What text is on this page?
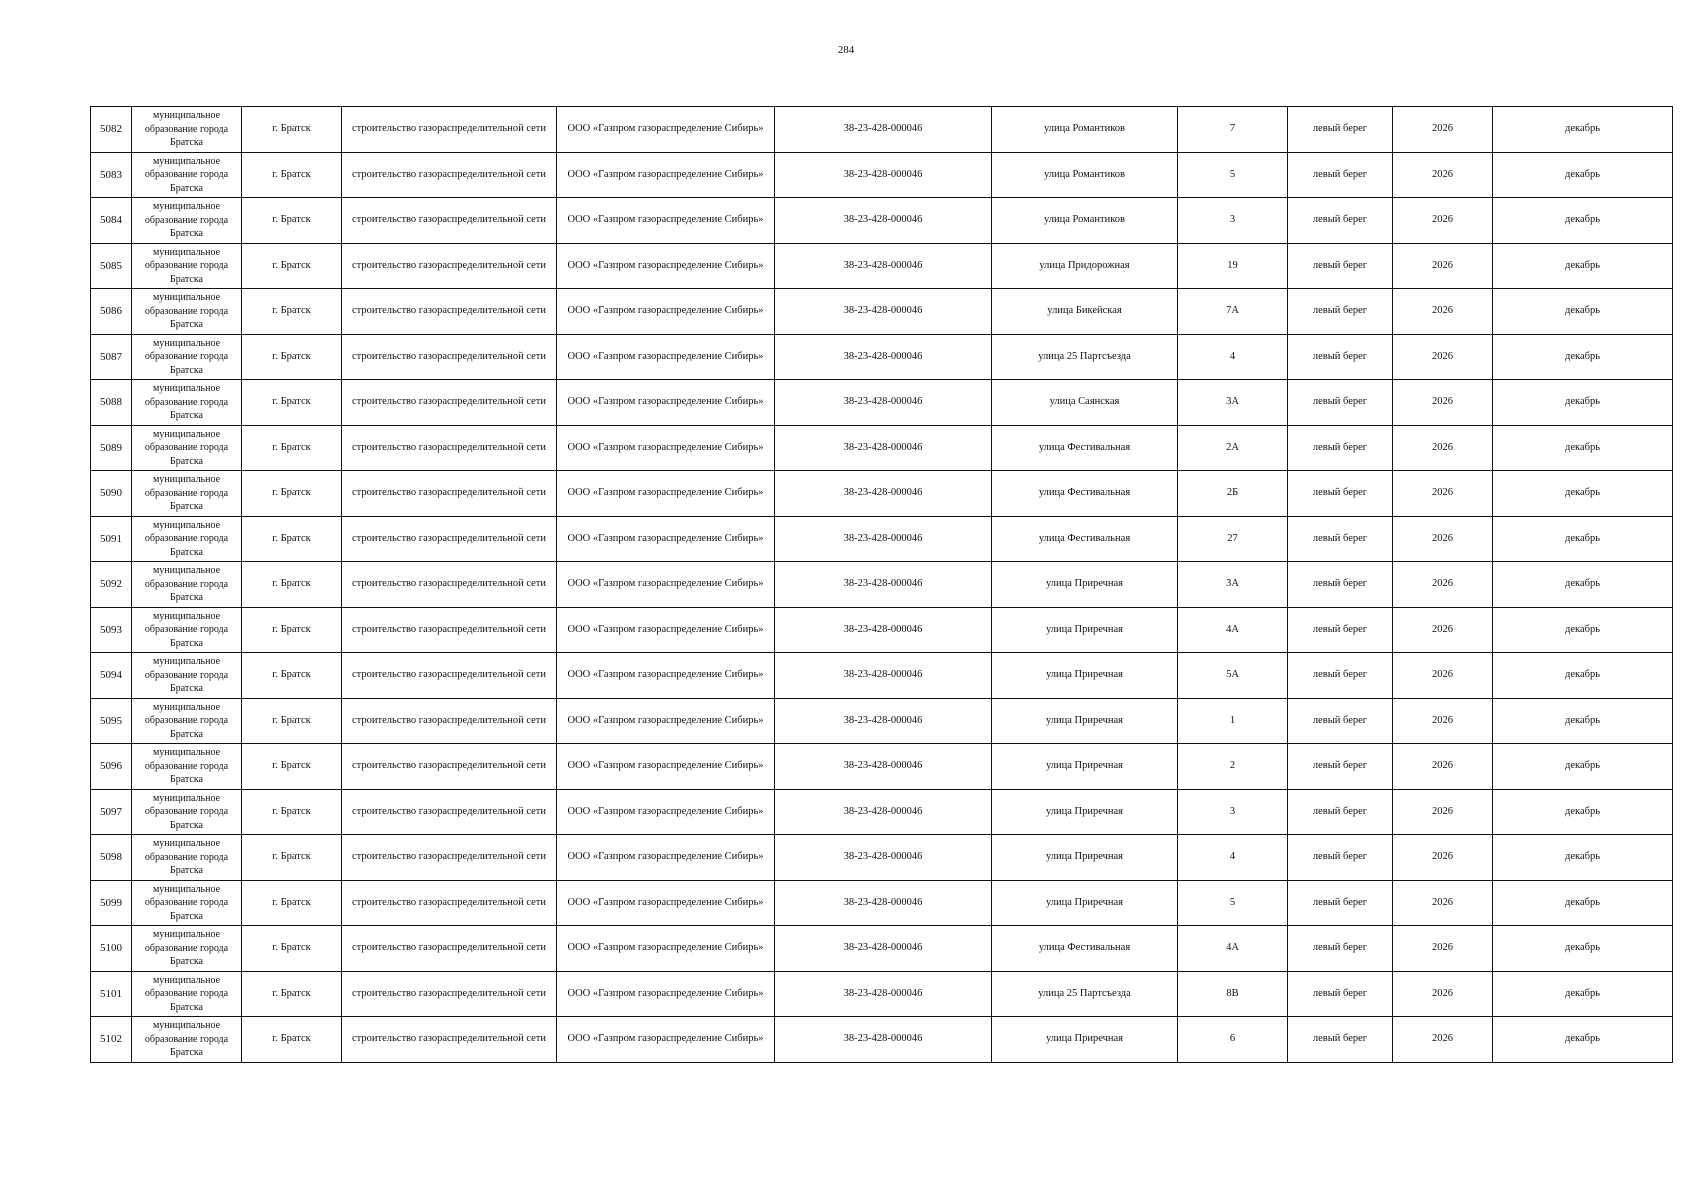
284
5082	муниципальное образование города Братска	г. Братск	строительство газораспределительной сети	ООО «Газпром газораспределение Сибирь»	38-23-428-000046	улица Романтиков	7	левый берег	2026	декабрь
5083	муниципальное образование города Братска	г. Братск	строительство газораспределительной сети	ООО «Газпром газораспределение Сибирь»	38-23-428-000046	улица Романтиков	5	левый берег	2026	декабрь
5084	муниципальное образование города Братска	г. Братск	строительство газораспределительной сети	ООО «Газпром газораспределение Сибирь»	38-23-428-000046	улица Романтиков	3	левый берег	2026	декабрь
5085	муниципальное образование города Братска	г. Братск	строительство газораспределительной сети	ООО «Газпром газораспределение Сибирь»	38-23-428-000046	улица Придорожная	19	левый берег	2026	декабрь
5086	муниципальное образование города Братска	г. Братск	строительство газораспределительной сети	ООО «Газпром газораспределение Сибирь»	38-23-428-000046	улица Бикейская	7А	левый берег	2026	декабрь
5087	муниципальное образование города Братска	г. Братск	строительство газораспределительной сети	ООО «Газпром газораспределение Сибирь»	38-23-428-000046	улица 25 Партсъезда	4	левый берег	2026	декабрь
5088	муниципальное образование города Братска	г. Братск	строительство газораспределительной сети	ООО «Газпром газораспределение Сибирь»	38-23-428-000046	улица Саянская	3А	левый берег	2026	декабрь
5089	муниципальное образование города Братска	г. Братск	строительство газораспределительной сети	ООО «Газпром газораспределение Сибирь»	38-23-428-000046	улица Фестивальная	2А	левый берег	2026	декабрь
5090	муниципальное образование города Братска	г. Братск	строительство газораспределительной сети	ООО «Газпром газораспределение Сибирь»	38-23-428-000046	улица Фестивальная	2Б	левый берег	2026	декабрь
5091	муниципальное образование города Братска	г. Братск	строительство газораспределительной сети	ООО «Газпром газораспределение Сибирь»	38-23-428-000046	улица Фестивальная	27	левый берег	2026	декабрь
5092	муниципальное образование города Братска	г. Братск	строительство газораспределительной сети	ООО «Газпром газораспределение Сибирь»	38-23-428-000046	улица Приречная	3А	левый берег	2026	декабрь
5093	муниципальное образование города Братска	г. Братск	строительство газораспределительной сети	ООО «Газпром газораспределение Сибирь»	38-23-428-000046	улица Приречная	4А	левый берег	2026	декабрь
5094	муниципальное образование города Братска	г. Братск	строительство газораспределительной сети	ООО «Газпром газораспределение Сибирь»	38-23-428-000046	улица Приречная	5А	левый берег	2026	декабрь
5095	муниципальное образование города Братска	г. Братск	строительство газораспределительной сети	ООО «Газпром газораспределение Сибирь»	38-23-428-000046	улица Приречная	1	левый берег	2026	декабрь
5096	муниципальное образование города Братска	г. Братск	строительство газораспределительной сети	ООО «Газпром газораспределение Сибирь»	38-23-428-000046	улица Приречная	2	левый берег	2026	декабрь
5097	муниципальное образование города Братска	г. Братск	строительство газораспределительной сети	ООО «Газпром газораспределение Сибирь»	38-23-428-000046	улица Приречная	3	левый берег	2026	декабрь
5098	муниципальное образование города Братска	г. Братск	строительство газораспределительной сети	ООО «Газпром газораспределение Сибирь»	38-23-428-000046	улица Приречная	4	левый берег	2026	декабрь
5099	муниципальное образование города Братска	г. Братск	строительство газораспределительной сети	ООО «Газпром газораспределение Сибирь»	38-23-428-000046	улица Приречная	5	левый берег	2026	декабрь
5100	муниципальное образование города Братска	г. Братск	строительство газораспределительной сети	ООО «Газпром газораспределение Сибирь»	38-23-428-000046	улица Фестивальная	4А	левый берег	2026	декабрь
5101	муниципальное образование города Братска	г. Братск	строительство газораспределительной сети	ООО «Газпром газораспределение Сибирь»	38-23-428-000046	улица 25 Партсъезда	8В	левый берег	2026	декабрь
5102	муниципальное образование города Братска	г. Братск	строительство газораспределительной сети	ООО «Газпром газораспределение Сибирь»	38-23-428-000046	улица Приречная	6	левый берег	2026	декабрь
